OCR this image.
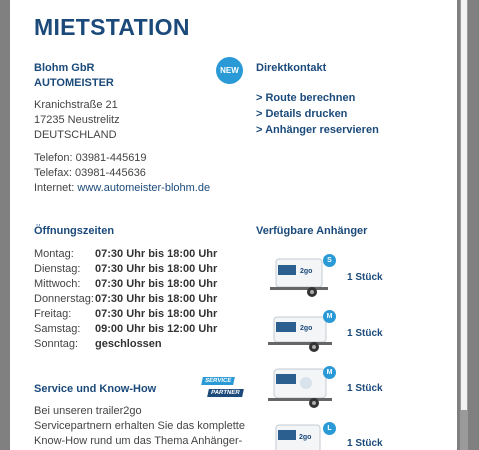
MIETSTATION
Blohm GbR
AUTOMEISTER
Kranichstraße 21
17235 Neustrelitz
DEUTSCHLAND
Telefon: 03981-445619
Telefax: 03981-445636
Internet: www.automeister-blohm.de
NEW	Direktkontakt
> Route berechnen
> Details drucken
> Anhänger reservieren
Öffnungszeiten
Montag:	07:30 Uhr bis 18:00 Uhr
Dienstag:	07:30 Uhr bis 18:00 Uhr
Mittwoch:	07:30 Uhr bis 18:00 Uhr
Donnerstag: 07:30 Uhr bis 18:00 Uhr
Freitag:	07:30 Uhr bis 18:00 Uhr
Samstag:	09:00 Uhr bis 12:00 Uhr
Sonntag:	geschlossen
Verfügbare Anhänger
2go
S
1 Stück
2go
M
1 Stück
M
1 Stück
2go
L
1 Stück
Service und Know-How
SERVICE
PARTNER
Bei unseren trailer2go
Servicepartnern erhalten Sie das komplette
Know-How rund um das Thema Anhänger-
